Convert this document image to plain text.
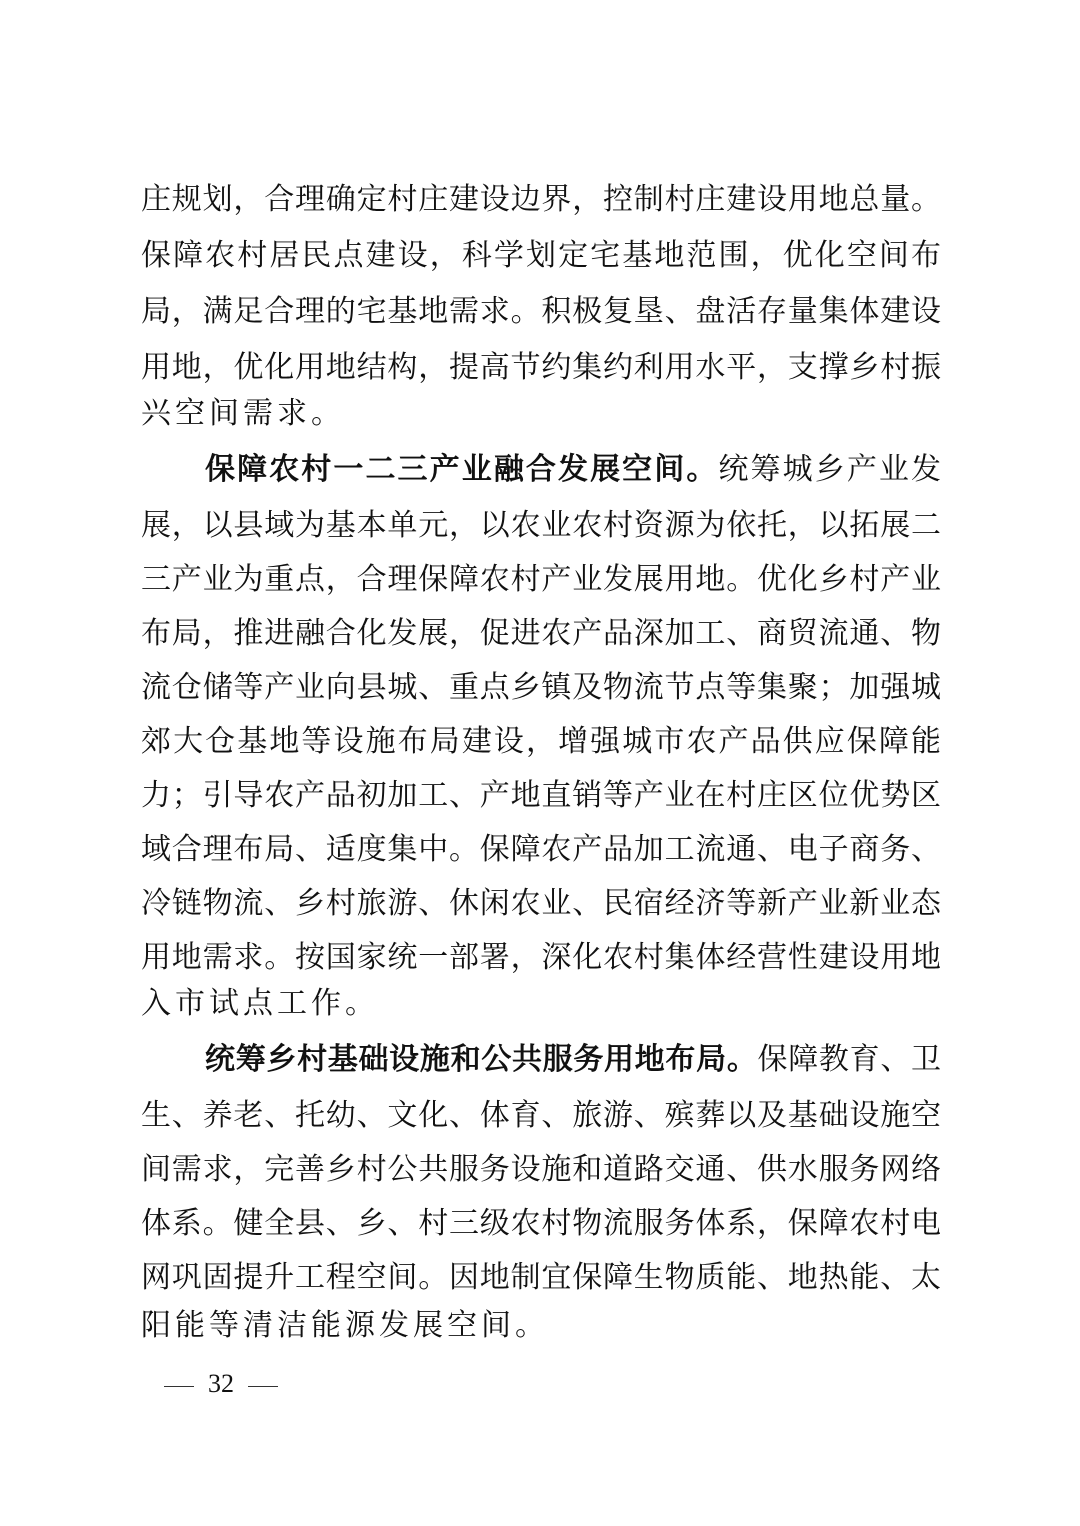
庄规划，合理确定村庄建设边界，控制村庄建设用地总量。
保障农村居民点建设，科学划定宅基地范围，优化空间布
局，满足合理的宅基地需求。积极复垦、盘活存量集体建设
用地，优化用地结构，提高节约集约利用水平，支撑乡村振
兴空间需求。
保障农村一二三产业融合发展空间。统筹城乡产业发
展，以县域为基本单元，以农业农村资源为依托，以拓展二
三产业为重点，合理保障农村产业发展用地。优化乡村产业
布局，推进融合化发展，促进农产品深加工、商贸流通、物
流仓储等产业向县城、重点乡镇及物流节点等集聚；加强城
郊大仓基地等设施布局建设，增强城市农产品供应保障能
力；引导农产品初加工、产地直销等产业在村庄区位优势区
域合理布局、适度集中。保障农产品加工流通、电子商务、
冷链物流、乡村旅游、休闲农业、民宿经济等新产业新业态
用地需求。按国家统一部署，深化农村集体经营性建设用地
入市试点工作。
统筹乡村基础设施和公共服务用地布局。保障教育、卫
生、养老、托幼、文化、体育、旅游、殡葬以及基础设施空
间需求，完善乡村公共服务设施和道路交通、供水服务网络
体系。健全县、乡、村三级农村物流服务体系，保障农村电
网巩固提升工程空间。因地制宜保障生物质能、地热能、太
阳能等清洁能源发展空间。
32
